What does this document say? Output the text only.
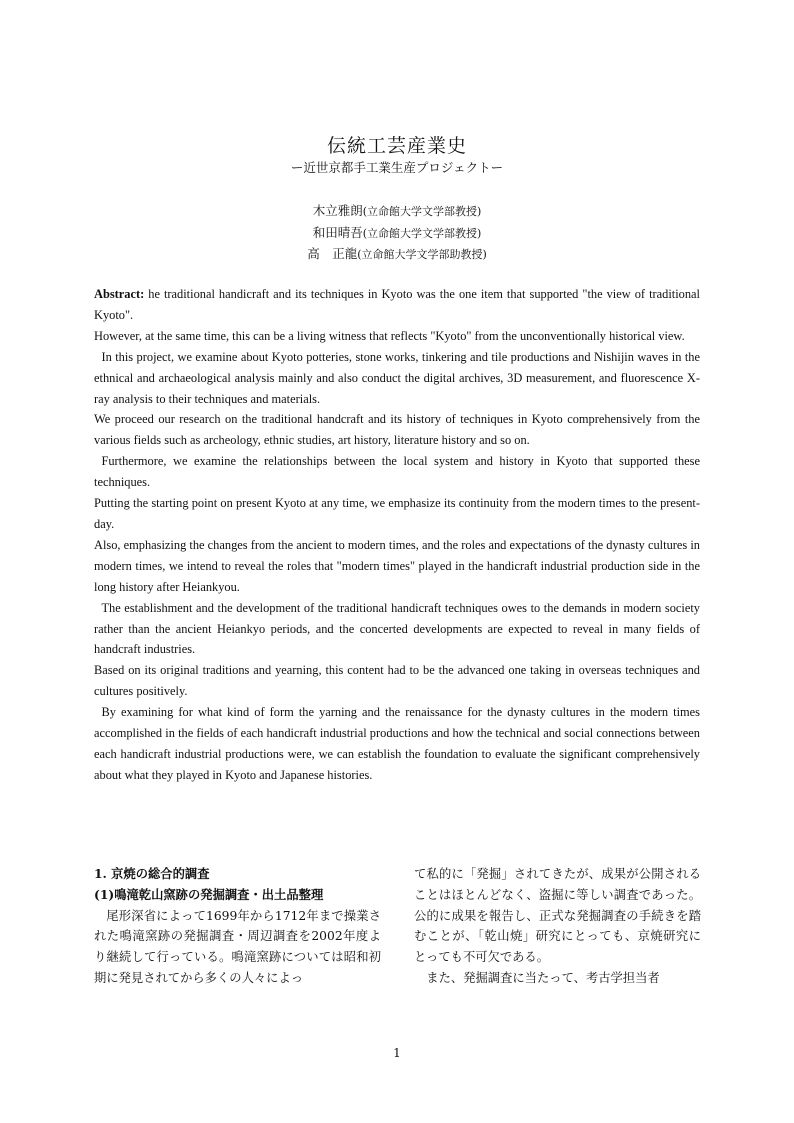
伝統工芸産業史
ー近世京都手工業生産プロジェクトー
木立雅朗(立命館大学文学部教授)
和田晴吾(立命館大学文学部教授)
高　正龍(立命館大学文学部助教授)

Abstract: he traditional handicraft and its techniques in Kyoto was the one item that supported "the view of traditional Kyoto".

However, at the same time, this can be a living witness that reflects "Kyoto" from the unconventionally historical view.

In this project, we examine about Kyoto potteries, stone works, tinkering and tile productions and Nishijin waves in the ethnical and archaeological analysis mainly and also conduct the digital archives, 3D measurement, and fluorescence X-ray analysis to their techniques and materials.

We proceed our research on the traditional handcraft and its history of techniques in Kyoto comprehensively from the various fields such as archeology, ethnic studies, art history, literature history and so on.

Furthermore, we examine the relationships between the local system and history in Kyoto that supported these techniques.

Putting the starting point on present Kyoto at any time, we emphasize its continuity from the modern times to the present-day.

Also, emphasizing the changes from the ancient to modern times, and the roles and expectations of the dynasty cultures in modern times, we intend to reveal the roles that "modern times" played in the handicraft industrial production side in the long history after Heiankyou.

The establishment and the development of the traditional handicraft techniques owes to the demands in modern society rather than the ancient Heiankyo periods, and the concerted developments are expected to reveal in many fields of handcraft industries.

Based on its original traditions and yearning, this content had to be the advanced one taking in overseas techniques and cultures positively.

By examining for what kind of form the yarning and the renaissance for the dynasty cultures in the modern times accomplished in the fields of each handicraft industrial productions and how the technical and social connections between each handicraft industrial productions were, we can establish the foundation to evaluate the significant comprehensively about what they played in Kyoto and Japanese histories.

1. 京焼の総合的調査

(1)鳴滝乾山窯跡の発掘調査・出土品整理

尾形深省によって1699年から1712年まで操業された鳴滝窯跡の発掘調査・周辺調査を2002年度より継続して行っている。鳴滝窯跡については昭和初期に発見されてから多くの人々によっ

て私的に「発掘」されてきたが、成果が公開されることはほとんどなく、盗掘に等しい調査であった。公的に成果を報告し、正式な発掘調査の手続きを踏むことが、「乾山焼」研究にとっても、京焼研究にとっても不可欠である。

また、発掘調査に当たって、考古学担当者

1
